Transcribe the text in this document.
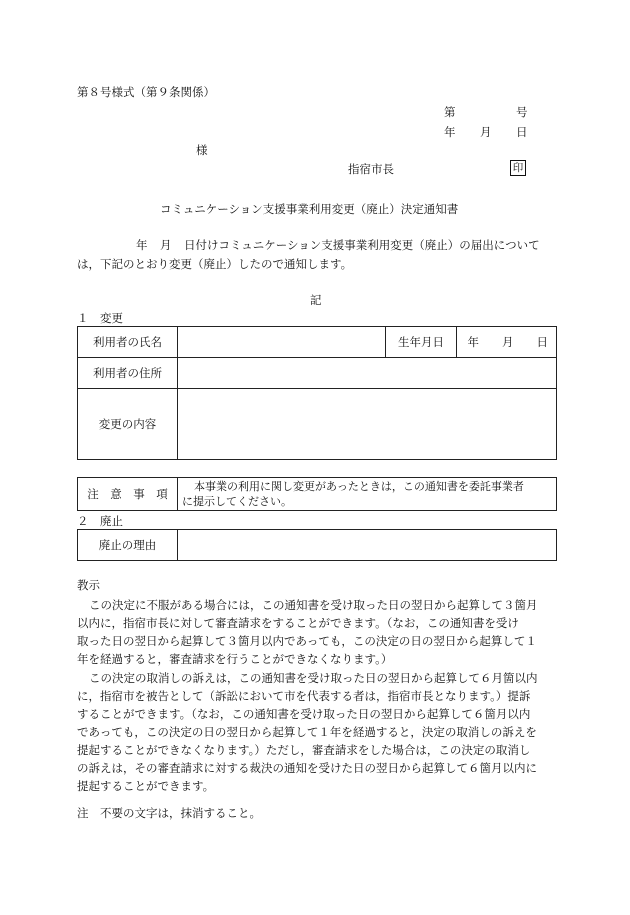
第８号様式（第９条関係）
第	号
年 月 日
様
指宿市長	印
コミュニケーション支援事業利用変更（廃止）決定通知書
年 月 日付けコミュニケーション支援事業利用変更（廃止）の届出について
は，下記のとおり変更（廃止）したので通知します。
記
１　変更
利用者の氏名		生年月日	年　　 月　　 日
利用者の住所			
変更の内容			
注　意　事　項	
本事業の利用に関し変更があったときは，この通知書を委託事業者
に提示してください。
２　廃止
廃止の理由	
教示
この決定に不服がある場合には，この通知書を受け取った日の翌日から起算して３箇月
以内に，指宿市長に対して審査請求をすることができます。（なお，この通知書を受け
取った日の翌日から起算して３箇月以内であっても，この決定の日の翌日から起算して１
年を経過すると，審査請求を行うことができなくなります。）
この決定の取消しの訴えは，この通知書を受け取った日の翌日から起算して６月箇以内
に，指宿市を被告として（訴訟において市を代表する者は，指宿市長となります。）提訴
することができます。（なお，この通知書を受け取った日の翌日から起算して６箇月以内
であっても，この決定の日の翌日から起算して１年を経過すると，決定の取消しの訴えを
提起することができなくなります。）ただし，審査請求をした場合は，この決定の取消し
の訴えは，その審査請求に対する裁決の通知を受けた日の翌日から起算して６箇月以内に
提起することができます。
注　不要の文字は，抹消すること。
